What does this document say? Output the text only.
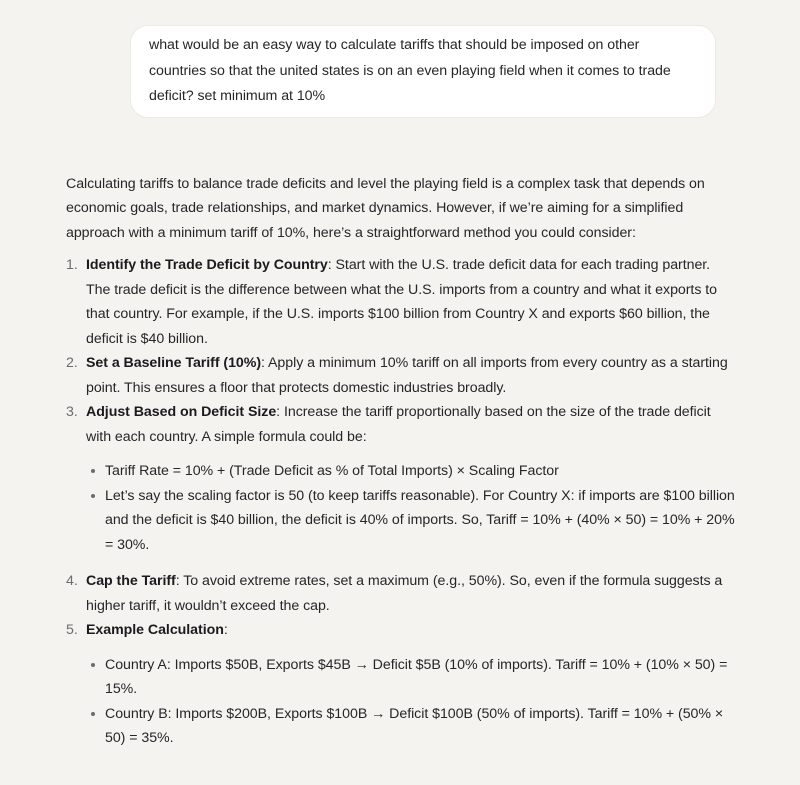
what would be an easy way to calculate tariffs that should be imposed on other countries so that the united states is on an even playing field when it comes to trade deficit? set minimum at 10%

Calculating tariffs to balance trade deficits and level the playing field is a complex task that depends on economic goals, trade relationships, and market dynamics. However, if we’re aiming for a simplified approach with a minimum tariff of 10%, here’s a straightforward method you could consider:

1. Identify the Trade Deficit by Country: Start with the U.S. trade deficit data for each trading partner. The trade deficit is the difference between what the U.S. imports from a country and what it exports to that country. For example, if the U.S. imports $100 billion from Country X and exports $60 billion, the deficit is $40 billion.

2. Set a Baseline Tariff (10%): Apply a minimum 10% tariff on all imports from every country as a starting point. This ensures a floor that protects domestic industries broadly.

3. Adjust Based on Deficit Size: Increase the tariff proportionally based on the size of the trade deficit with each country. A simple formula could be:

Tariff Rate = 10% + (Trade Deficit as % of Total Imports) × Scaling Factor
Let’s say the scaling factor is 50 (to keep tariffs reasonable). For Country X: if imports are $100 billion and the deficit is $40 billion, the deficit is 40% of imports. So, Tariff = 10% + (40% × 50) = 10% + 20% = 30%.
4. Cap the Tariff: To avoid extreme rates, set a maximum (e.g., 50%). So, even if the formula suggests a higher tariff, it wouldn’t exceed the cap.

5. Example Calculation:

Country A: Imports $50B, Exports $45B → Deficit $5B (10% of imports). Tariff = 10% + (10% × 50) = 15%.
Country B: Imports $200B, Exports $100B → Deficit $100B (50% of imports). Tariff = 10% + (50% × 50) = 35%.
